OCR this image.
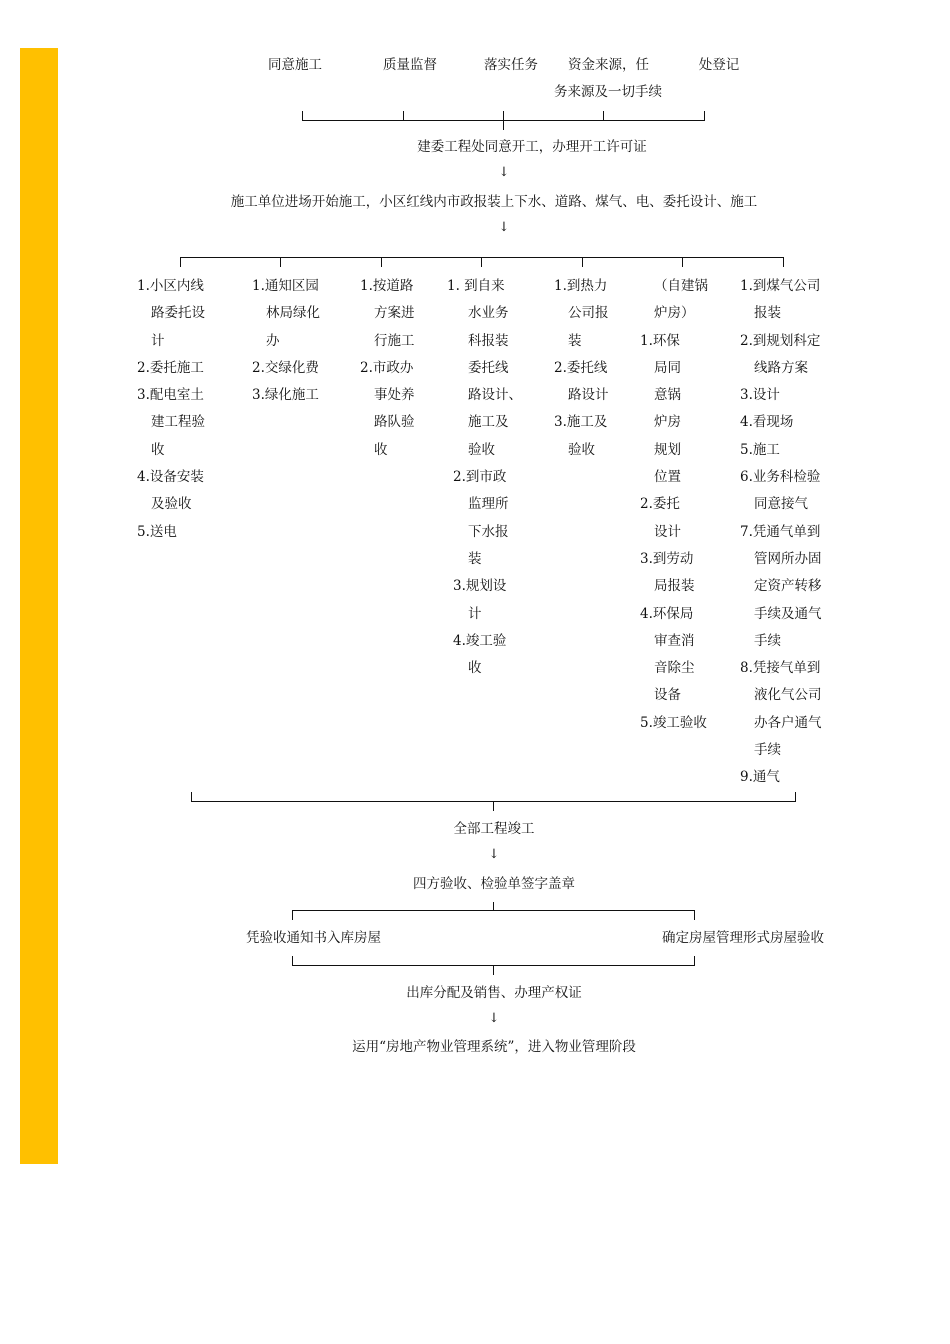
同意施工	质量监督	落实任务 资金来源，任
务来源及一切手续
处登记
建委工程处同意开工，办理开工许可证
↓
施工单位进场开始施工，小区红线内市政报装上下水、道路、煤气、电、委托设计、施工
↓
1.小区内线
路委托设
计
2.委托施工
3.配电室土
建工程验
收
4.设备安装
及验收
5.送电
1.通知区园
林局绿化
办
2.交绿化费
3.绿化施工
1.按道路
方案进
行施工
2.市政办
事处养
路队验
收
1. 到自来
水业务
科报装
委托线
路设计、
施工及
验收
2.到市政
监理所
下水报
装
3.规划设
计
4.竣工验
收
1.到热力
公司报
装
2.委托线
路设计
3.施工及
验收
（自建锅
炉房）
1.环保
局同
意锅
炉房
规划
位置
2.委托
设计
3.到劳动
局报装
4.环保局
审查消
音除尘
设备
5.竣工验收
1.到煤气公司
报装
2.到规划科定
线路方案
3.设计
4.看现场
5.施工
6.业务科检验
同意接气
7.凭通气单到
管网所办固
定资产转移
手续及通气
手续
8.凭接气单到
液化气公司
办各户通气
手续
9.通气
全部工程竣工
↓
四方验收、检验单签字盖章
凭验收通知书入库房屋	确定房屋管理形式房屋验收
出库分配及销售、办理产权证
↓
运用“房地产物业管理系统”，进入物业管理阶段
